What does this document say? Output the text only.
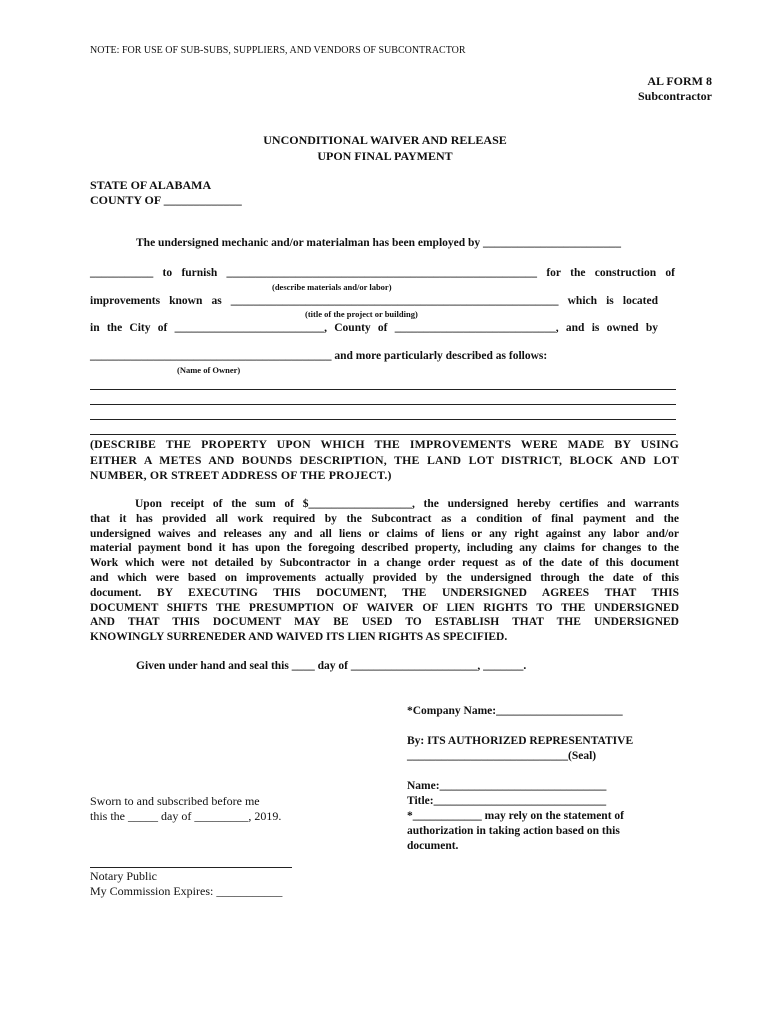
NOTE: FOR USE OF SUB-SUBS, SUPPLIERS, AND VENDORS OF SUBCONTRACTOR

AL FORM 8

Subcontractor

UNCONDITIONAL WAIVER AND RELEASE

UPON FINAL PAYMENT

STATE OF ALABAMA

COUNTY OF _____________

The undersigned mechanic and/or materialman has been employed by ________________________

___________ to furnish ______________________________________________________ for the construction of

(describe materials and/or labor)

improvements known as _________________________________________________________ which is located

(title of the project or building)

in the City of __________________________, County of ____________________________, and is owned by

__________________________________________ and more particularly described as follows:

(Name of Owner)

(DESCRIBE THE PROPERTY UPON WHICH THE IMPROVEMENTS WERE MADE BY USING
EITHER A METES AND BOUNDS DESCRIPTION, THE LAND LOT DISTRICT, BLOCK AND LOT
NUMBER, OR STREET ADDRESS OF THE PROJECT.)
Upon receipt of the sum of $__________________, the undersigned hereby certifies and warrants
that it has provided all work required by the Subcontract as a condition of final payment and the
undersigned waives and releases any and all liens or claims of liens or any right against any labor and/or
material payment bond it has upon the foregoing described property, including any claims for changes to the
Work which were not detailed by Subcontractor in a change order request as of the date of this document
and which were based on improvements actually provided by the undersigned through the date of this
document. BY EXECUTING THIS DOCUMENT, THE UNDERSIGNED AGREES THAT THIS
DOCUMENT SHIFTS THE PRESUMPTION OF WAIVER OF LIEN RIGHTS TO THE UNDERSIGNED
AND THAT THIS DOCUMENT MAY BE USED TO ESTABLISH THAT THE UNDERSIGNED
KNOWINGLY SURRENEDER AND WAIVED ITS LIEN RIGHTS AS SPECIFIED.

Given under hand and seal this ____ day of ______________________, _______.

*Company Name:______________________

By: ITS AUTHORIZED REPRESENTATIVE

____________________________(Seal)

Name:_____________________________

Title:______________________________

*____________ may rely on the statement of

authorization in taking action based on this

document.

Sworn to and subscribed before me

this the _____ day of _________, 2019.

Notary Public

My Commission Expires: ___________
